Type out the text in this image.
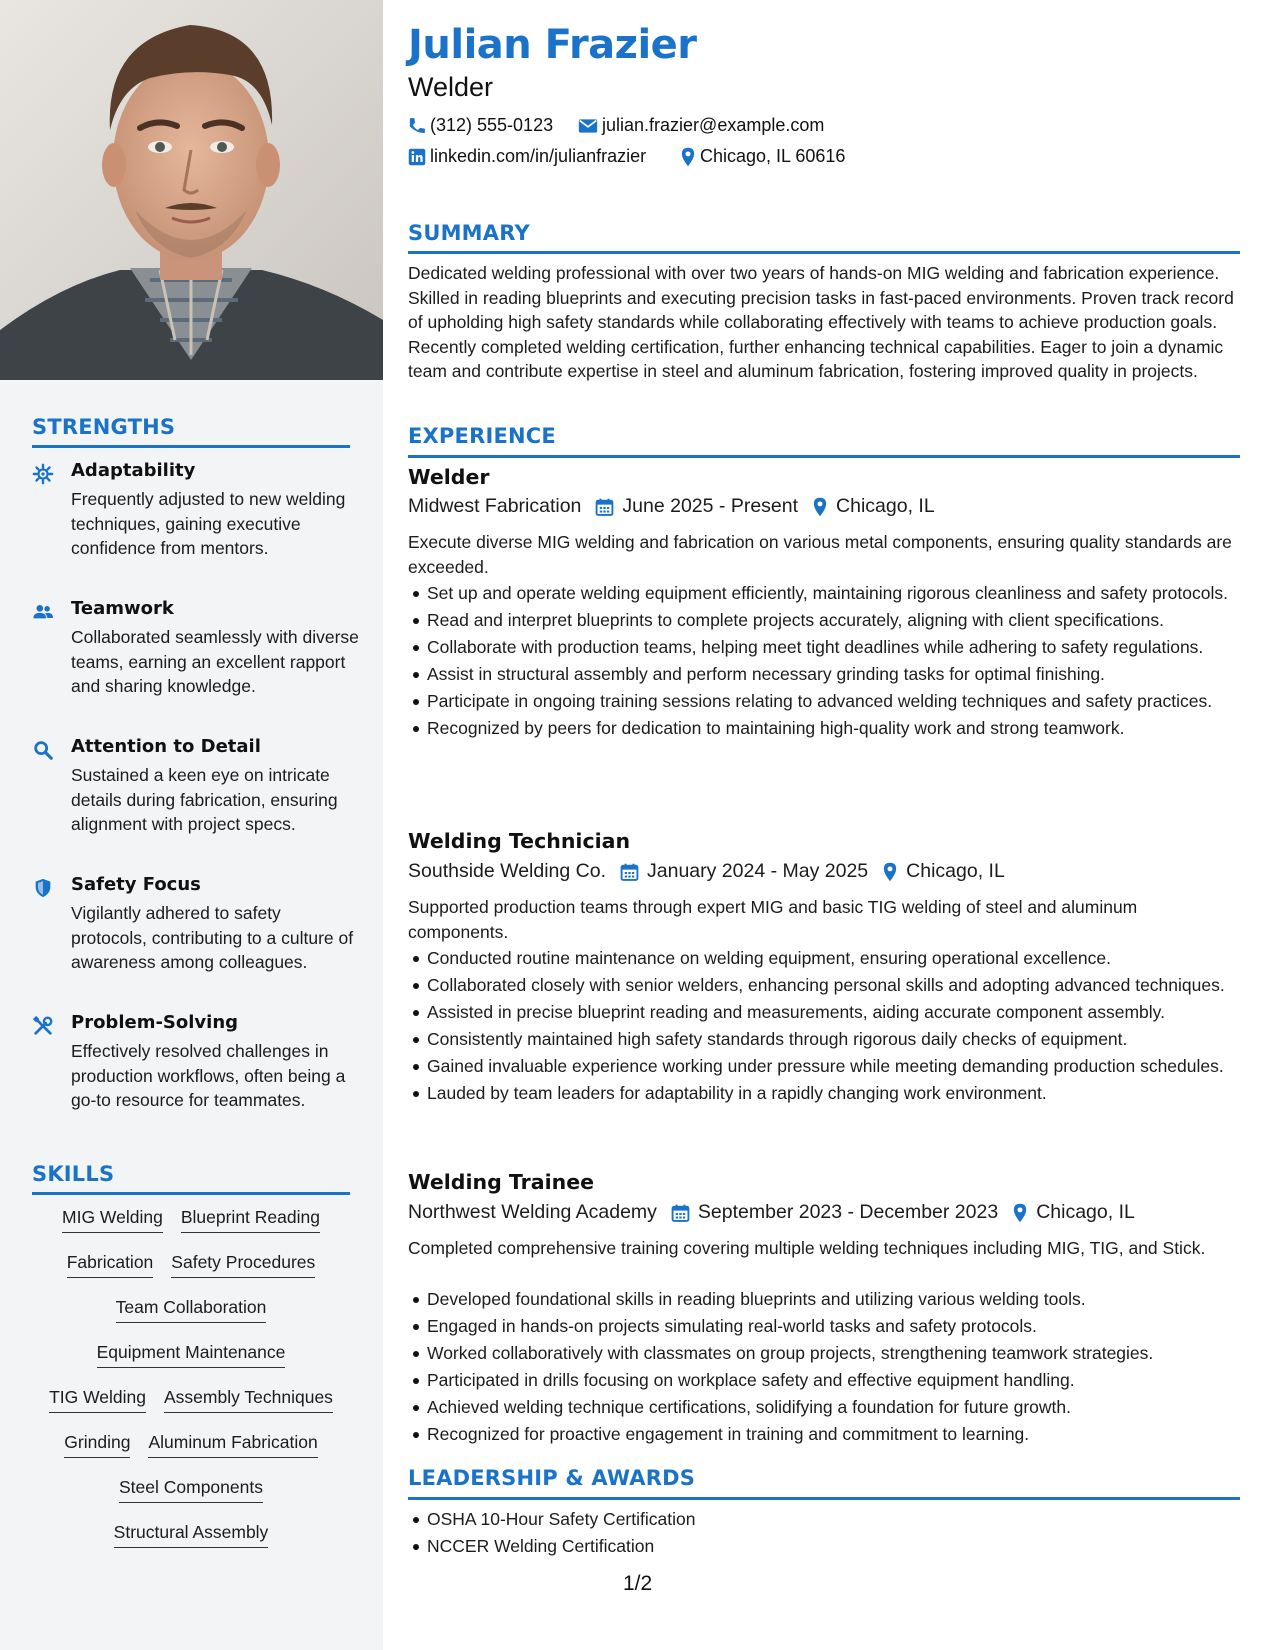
STRENGTHS
Adaptability
Frequently adjusted to new welding techniques, gaining executive confidence from mentors.
Teamwork
Collaborated seamlessly with diverse teams, earning an excellent rapport and sharing knowledge.
Attention to Detail
Sustained a keen eye on intricate details during fabrication, ensuring alignment with project specs.
Safety Focus
Vigilantly adhered to safety protocols, contributing to a culture of awareness among colleagues.
Problem-Solving
Effectively resolved challenges in production workflows, often being a go-to resource for teammates.
SKILLS
MIG Welding Blueprint Reading
Fabrication Safety Procedures
Team Collaboration
Equipment Maintenance
TIG Welding Assembly Techniques
Grinding Aluminum Fabrication
Steel Components
Structural Assembly
Julian Frazier
Welder
(312) 555-0123	julian.frazier@example.com
linkedin.com/in/julianfrazier	Chicago, IL 60616
SUMMARY
Dedicated welding professional with over two years of hands-on MIG welding and fabrication experience. Skilled in reading blueprints and executing precision tasks in fast-paced environments. Proven track record of upholding high safety standards while collaborating effectively with teams to achieve production goals. Recently completed welding certification, further enhancing technical capabilities. Eager to join a dynamic team and contribute expertise in steel and aluminum fabrication, fostering improved quality in projects.
EXPERIENCE
Welder
Midwest Fabrication June 2025 - Present Chicago, IL
Execute diverse MIG welding and fabrication on various metal components, ensuring quality standards are exceeded.
Set up and operate welding equipment efficiently, maintaining rigorous cleanliness and safety protocols.
Read and interpret blueprints to complete projects accurately, aligning with client specifications.
Collaborate with production teams, helping meet tight deadlines while adhering to safety regulations.
Assist in structural assembly and perform necessary grinding tasks for optimal finishing.
Participate in ongoing training sessions relating to advanced welding techniques and safety practices.
Recognized by peers for dedication to maintaining high-quality work and strong teamwork.
Welding Technician
Southside Welding Co. January 2024 - May 2025 Chicago, IL
Supported production teams through expert MIG and basic TIG welding of steel and aluminum components.
Conducted routine maintenance on welding equipment, ensuring operational excellence.
Collaborated closely with senior welders, enhancing personal skills and adopting advanced techniques.
Assisted in precise blueprint reading and measurements, aiding accurate component assembly.
Consistently maintained high safety standards through rigorous daily checks of equipment.
Gained invaluable experience working under pressure while meeting demanding production schedules.
Lauded by team leaders for adaptability in a rapidly changing work environment.
Welding Trainee
Northwest Welding Academy September 2023 - December 2023 Chicago, IL
Completed comprehensive training covering multiple welding techniques including MIG, TIG, and Stick.
Developed foundational skills in reading blueprints and utilizing various welding tools.
Engaged in hands-on projects simulating real-world tasks and safety protocols.
Worked collaboratively with classmates on group projects, strengthening teamwork strategies.
Participated in drills focusing on workplace safety and effective equipment handling.
Achieved welding technique certifications, solidifying a foundation for future growth.
Recognized for proactive engagement in training and commitment to learning.
LEADERSHIP & AWARDS
OSHA 10-Hour Safety Certification
NCCER Welding Certification
1/2
